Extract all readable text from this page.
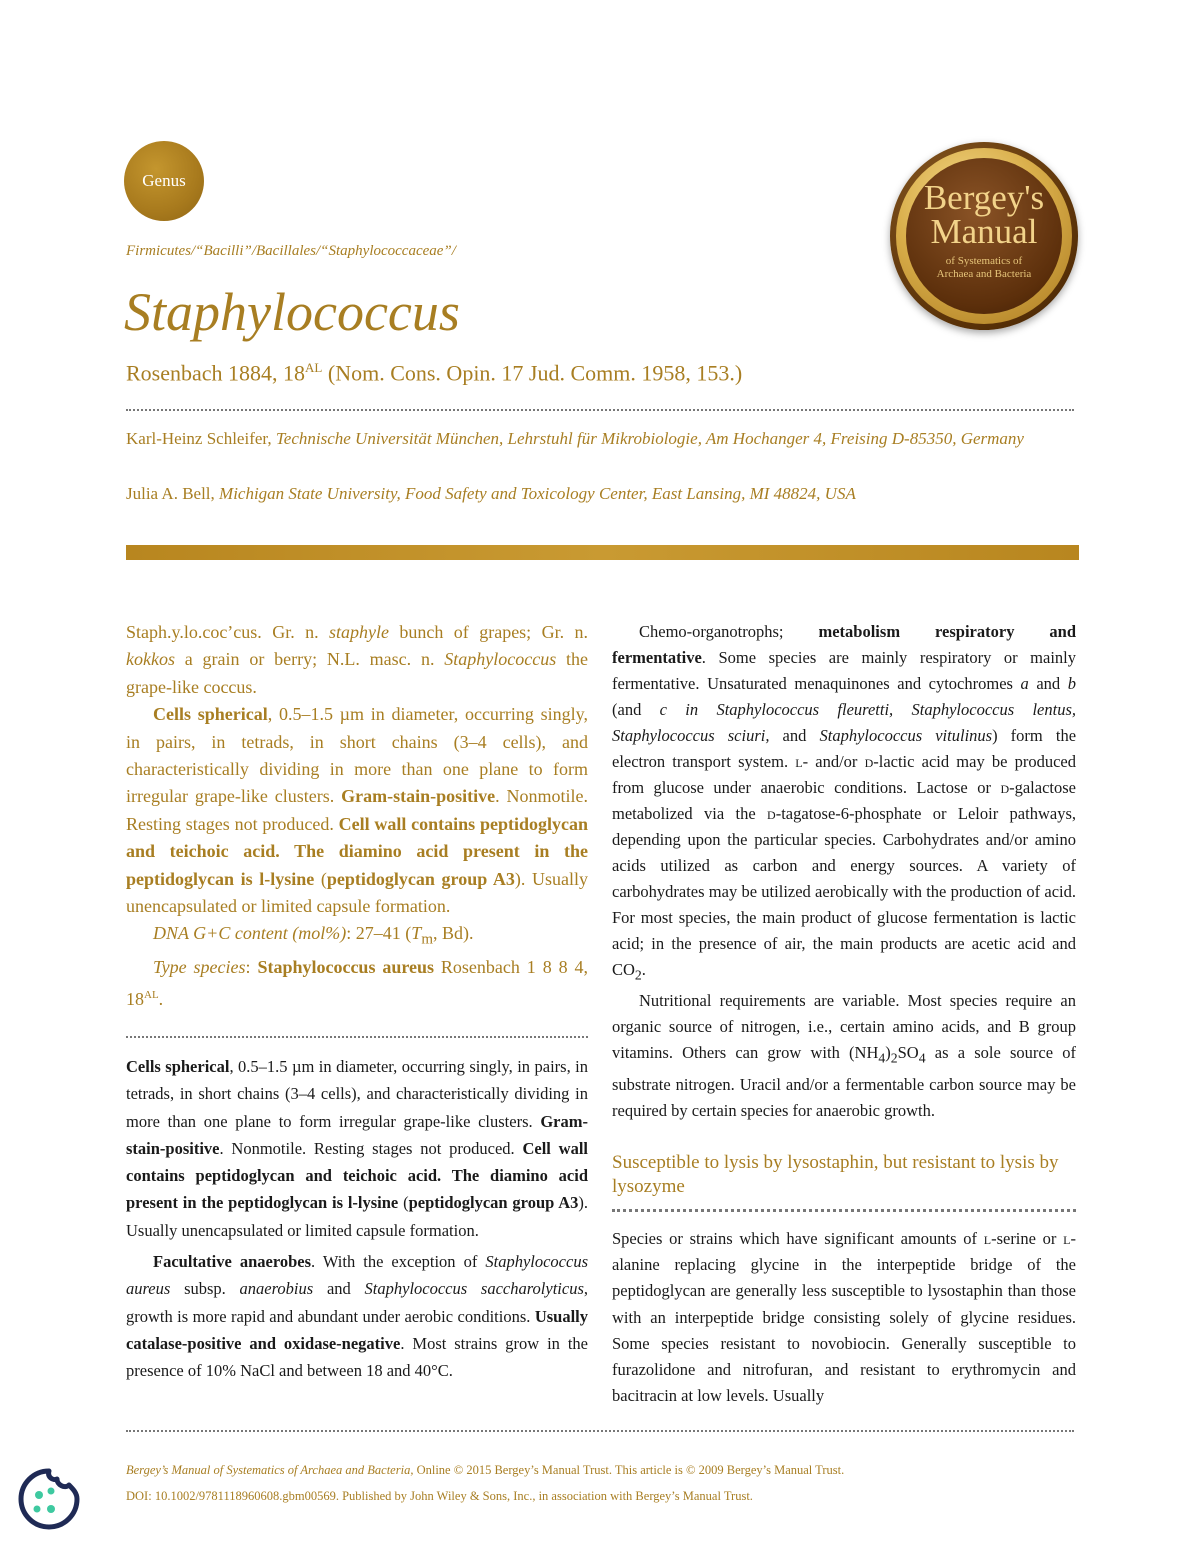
Genus	Bergey's
Manual
of Systematics of
Archaea and Bacteria
Firmicutes/“Bacilli”/Bacillales/“Staphylococcaceae”/
Staphylococcus
Rosenbach 1884, $18^{AL}$ (Nom. Cons. Opin. 17 Jud. Comm. 1958, 153.)
Karl-Heinz Schleifer, Technische Universität München, Lehrstuhl für Mikrobiologie, Am Hochanger 4, Freising D-85350, Germany
Julia A. Bell, Michigan State University, Food Safety and Toxicology Center, East Lansing, MI 48824, USA

Staph.y.lo.coc’cus. Gr. n. staphyle bunch of grapes; Gr. n. kokkos a grain or berry; N.L. masc. n. Staphylococcus the grape-like coccus.

Cells spherical, 0.5–1.5 µm in diameter, occurring singly, in pairs, in tetrads, in short chains (3–4 cells), and characteristically dividing in more than one plane to form irregular grape-like clusters. Gram-stain-positive. Nonmotile. Resting stages not produced. Cell wall contains peptidoglycan and teichoic acid. The diamino acid present in the peptidoglycan is l-lysine (peptidoglycan group A3). Usually unencapsulated or limited capsule formation.

DNA G+C content (mol%): 27–41 ($T_m$, Bd).

Type species: Staphylococcus aureus Rosenbach 1 8 8 4, $18^{AL}$.

Cells spherical, 0.5–1.5 µm in diameter, occurring singly, in pairs, in tetrads, in short chains (3–4 cells), and characteristically dividing in more than one plane to form irregular grape-like clusters. Gram-stain-positive. Nonmotile. Resting stages not produced. Cell wall contains peptidoglycan and teichoic acid. The diamino acid present in the peptidoglycan is l-lysine (peptidoglycan group A3). Usually unencapsulated or limited capsule formation.

Facultative anaerobes. With the exception of Staphylococcus aureus subsp. anaerobius and Staphylococcus saccharolyticus, growth is more rapid and abundant under aerobic conditions. Usually catalase-positive and oxidase-negative. Most strains grow in the presence of 10% NaCl and between 18 and 40°C.

Chemo-organotrophs; metabolism respiratory and fermentative. Some species are mainly respiratory or mainly fermentative. Unsaturated menaquinones and cytochromes a and b (and c in Staphylococcus fleuretti, Staphylococcus lentus, Staphylococcus sciuri, and Staphylococcus vitulinus) form the electron transport system. l- and/or d-lactic acid may be produced from glucose under anaerobic conditions. Lactose or d-galactose metabolized via the d-tagatose-6-phosphate or Leloir pathways, depending upon the particular species. Carbohydrates and/or amino acids utilized as carbon and energy sources. A variety of carbohydrates may be utilized aerobically with the production of acid. For most species, the main product of glucose fermentation is lactic acid; in the presence of air, the main products are acetic acid and $CO_2$.

Nutritional requirements are variable. Most species require an organic source of nitrogen, i.e., certain amino acids, and B group vitamins. Others can grow with $(NH_4)_2SO_4$ as a sole source of substrate nitrogen. Uracil and/or a fermentable carbon source may be required by certain species for anaerobic growth.

Susceptible to lysis by lysostaphin, but resistant to lysis by lysozyme

Species or strains which have significant amounts of l-serine or l-alanine replacing glycine in the interpeptide bridge of the peptidoglycan are generally less susceptible to lysostaphin than those with an interpeptide bridge consisting solely of glycine residues. Some species resistant to novobiocin. Generally susceptible to furazolidone and nitrofuran, and resistant to erythromycin and bacitracin at low levels. Usually

Bergey’s Manual of Systematics of Archaea and Bacteria, Online © 2015 Bergey’s Manual Trust. This article is © 2009 Bergey’s Manual Trust.
DOI: 10.1002/9781118960608.gbm00569. Published by John Wiley & Sons, Inc., in association with Bergey’s Manual Trust.
